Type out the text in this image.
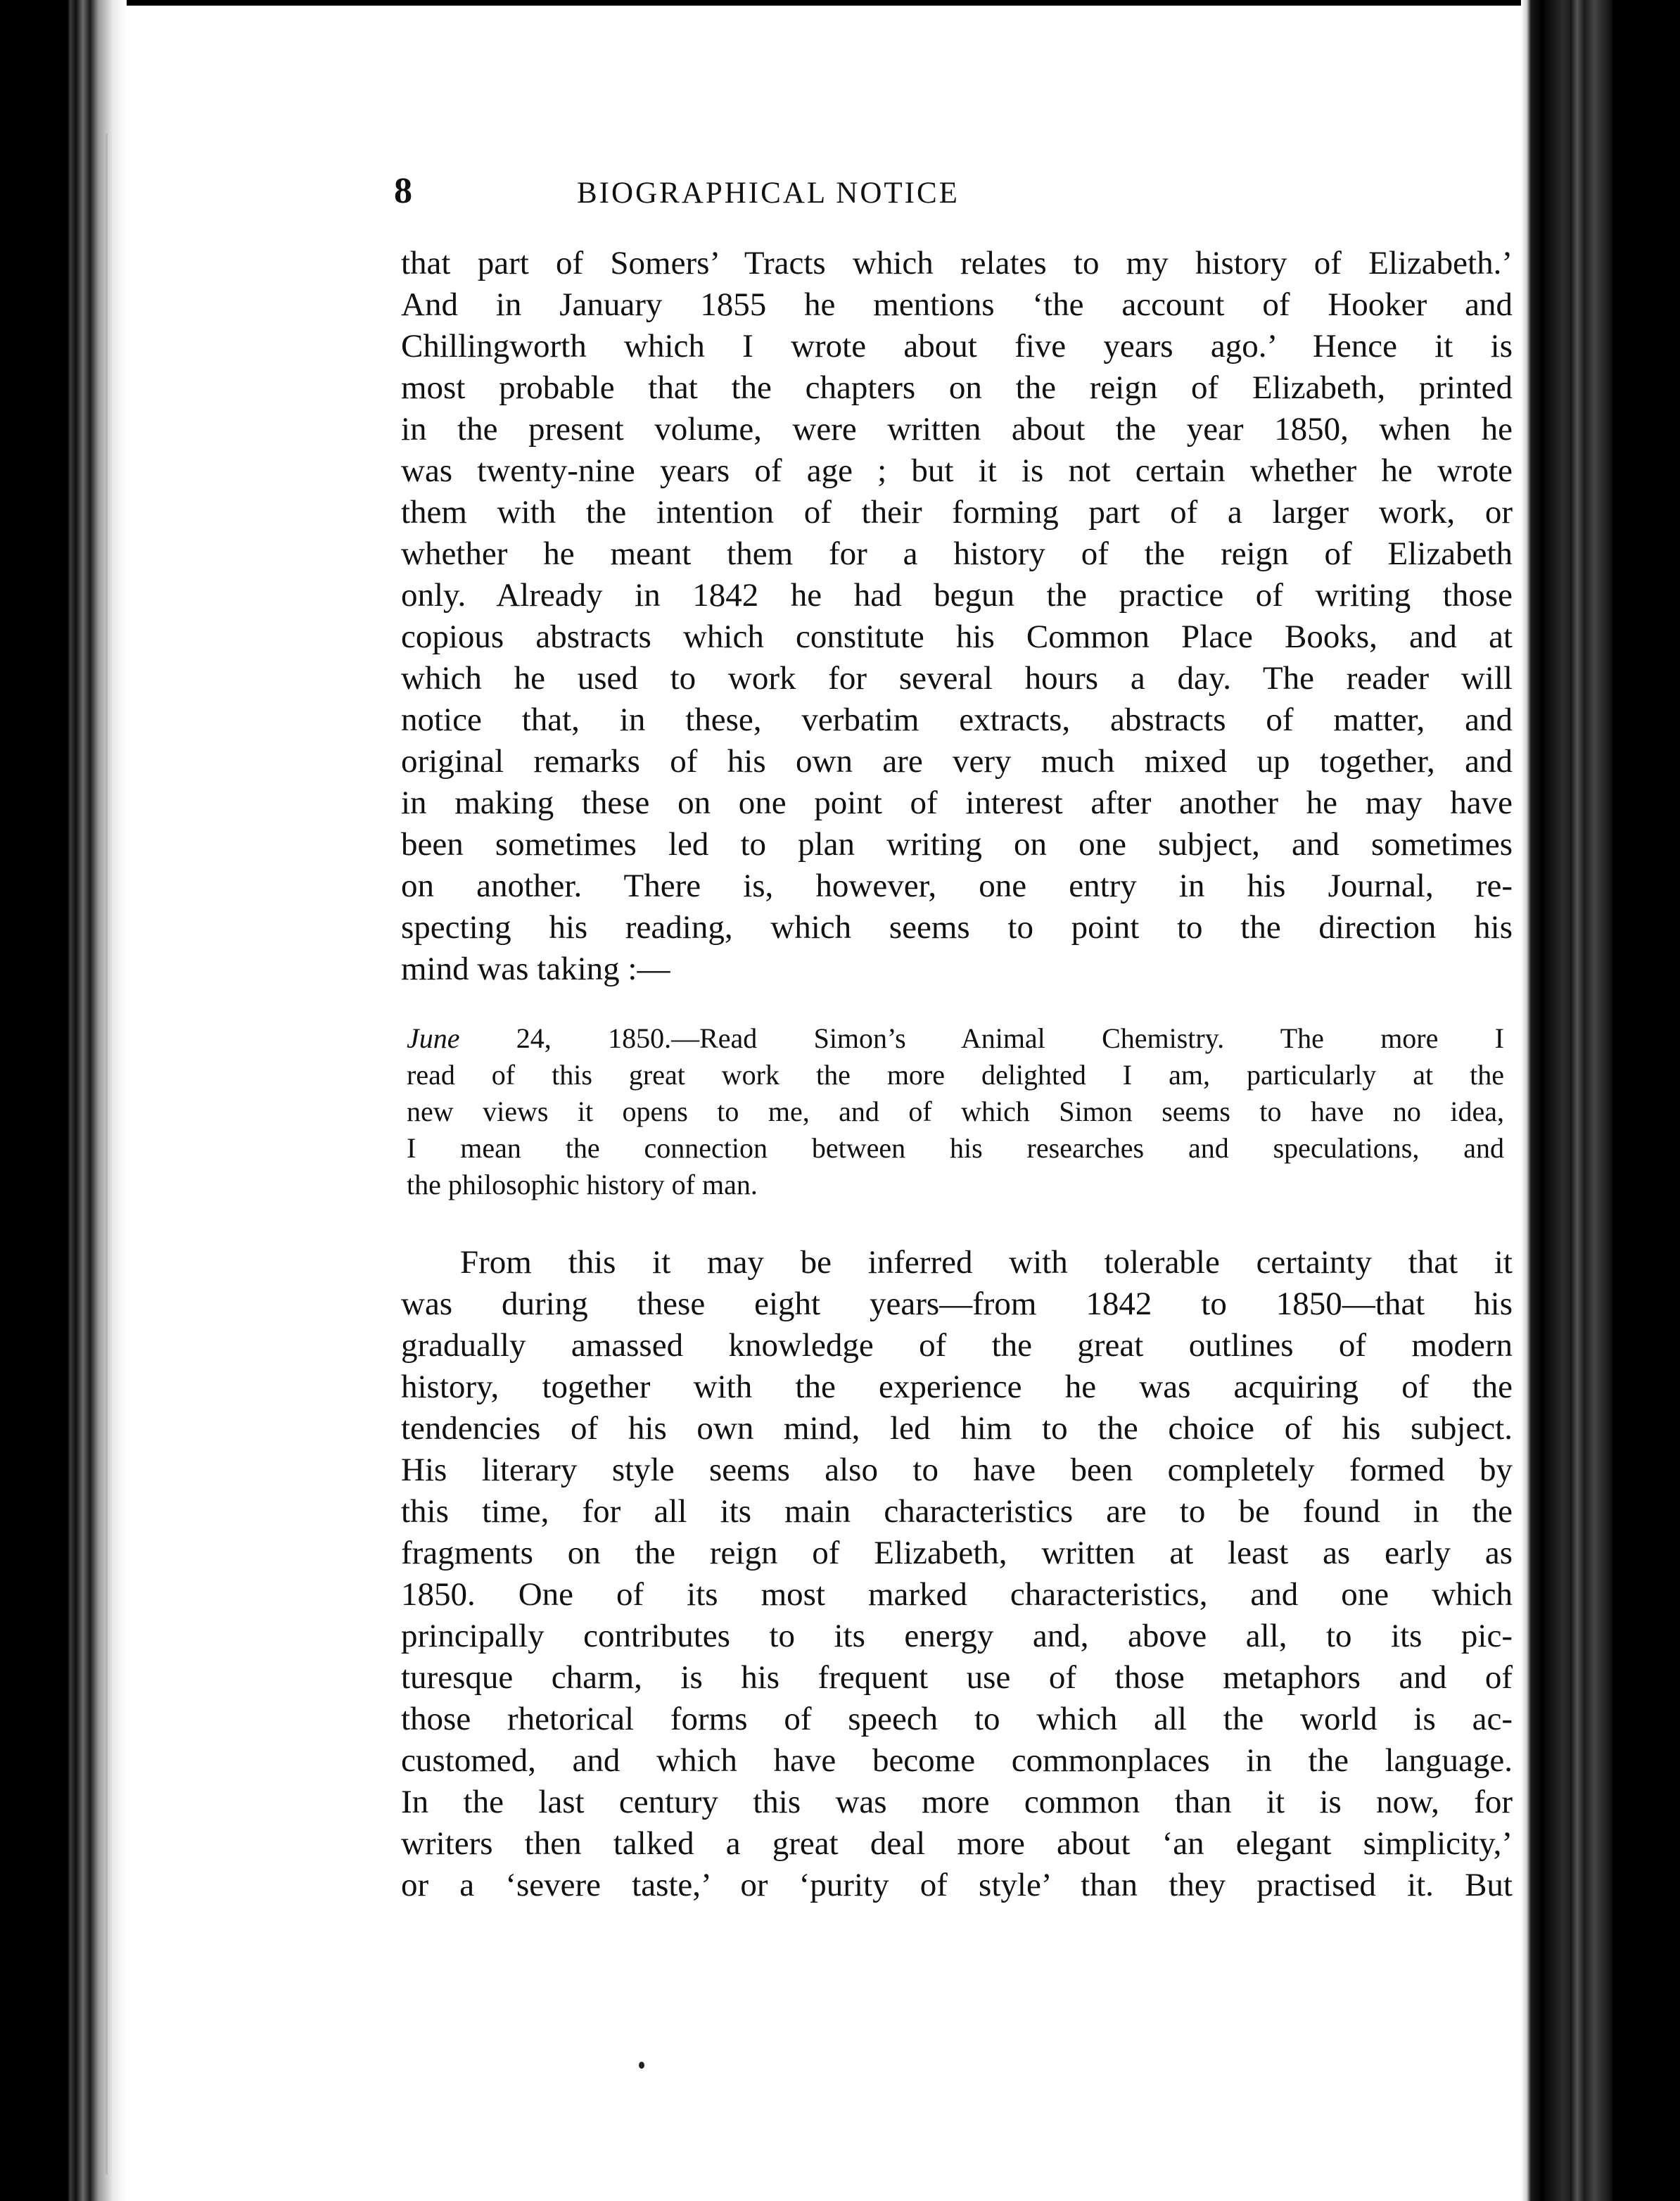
8	BIOGRAPHICAL NOTICE
that part of Somers’ Tracts which relates to my history of Elizabeth.’
And in January 1855 he mentions ‘the account of Hooker and
Chillingworth which I wrote about five years ago.’ Hence it is
most probable that the chapters on the reign of Elizabeth, printed
in the present volume, were written about the year 1850, when he
was twenty-nine years of age ; but it is not certain whether he wrote
them with the intention of their forming part of a larger work, or
whether he meant them for a history of the reign of Elizabeth
only. Already in 1842 he had begun the practice of writing those
copious abstracts which constitute his Common Place Books, and at
which he used to work for several hours a day. The reader will
notice that, in these, verbatim extracts, abstracts of matter, and
original remarks of his own are very much mixed up together, and
in making these on one point of interest after another he may have
been sometimes led to plan writing on one subject, and sometimes
on another. There is, however, one entry in his Journal, re-
specting his reading, which seems to point to the direction his
mind was taking :—
June 24, 1850.—Read Simon’s Animal Chemistry. The more I
read of this great work the more delighted I am, particularly at the
new views it opens to me, and of which Simon seems to have no idea,
I mean the connection between his researches and speculations, and
the philosophic history of man.
From this it may be inferred with tolerable certainty that it
was during these eight years—from 1842 to 1850—that his
gradually amassed knowledge of the great outlines of modern
history, together with the experience he was acquiring of the
tendencies of his own mind, led him to the choice of his subject.
His literary style seems also to have been completely formed by
this time, for all its main characteristics are to be found in the
fragments on the reign of Elizabeth, written at least as early as
1850. One of its most marked characteristics, and one which
principally contributes to its energy and, above all, to its pic-
turesque charm, is his frequent use of those metaphors and of
those rhetorical forms of speech to which all the world is ac-
customed, and which have become commonplaces in the language.
In the last century this was more common than it is now, for
writers then talked a great deal more about ‘an elegant simplicity,’
or a ‘severe taste,’ or ‘purity of style’ than they practised it. But
